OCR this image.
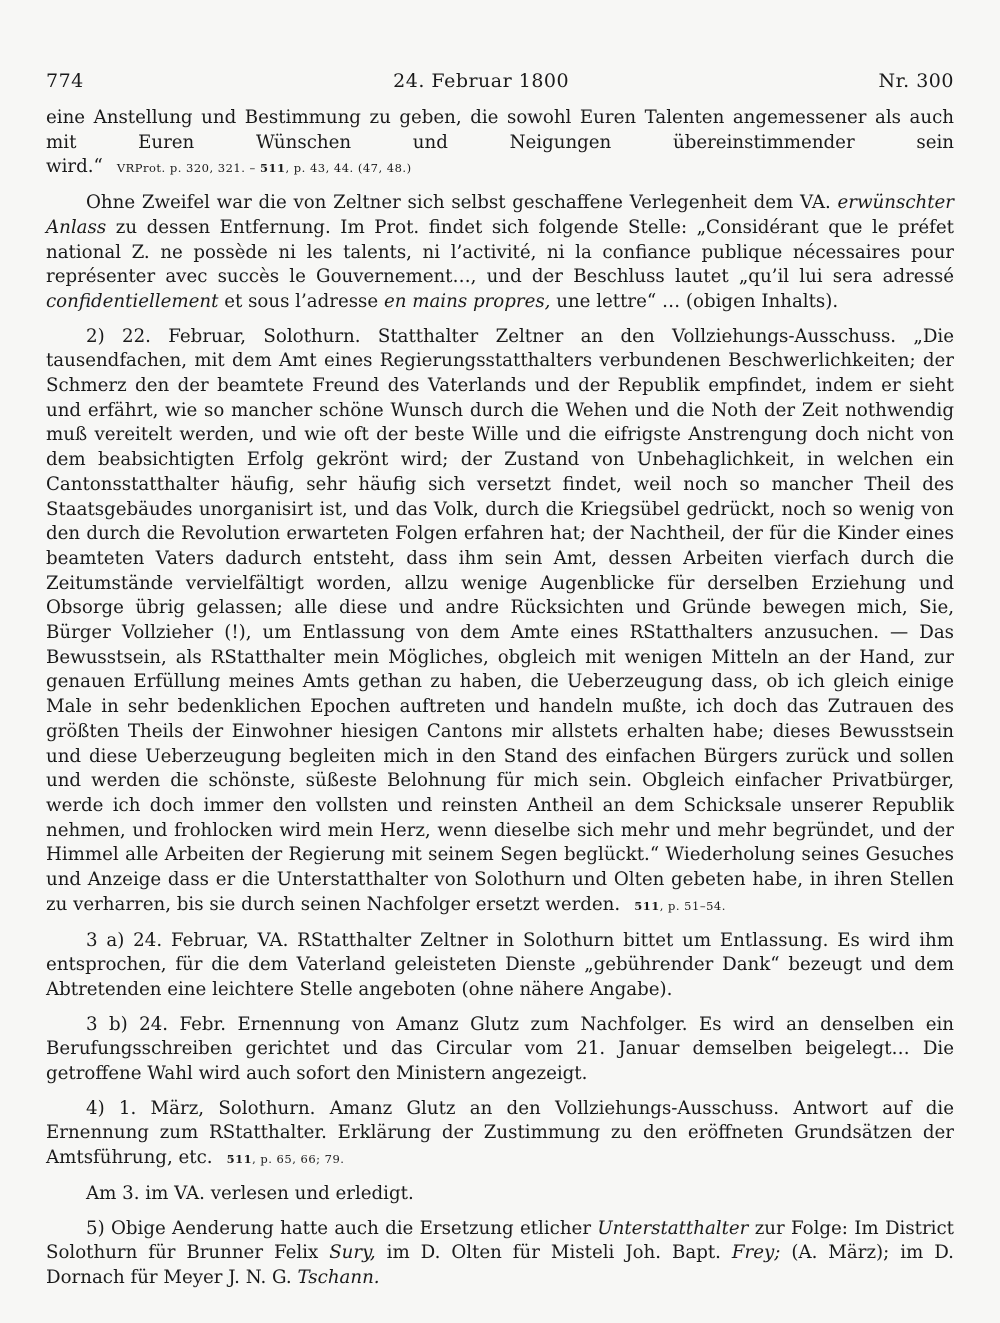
774	24. Februar 1800	Nr. 300

eine Anstellung und Bestimmung zu geben, die sowohl Euren Talenten angemessener als auch mit Euren Wünschen und Neigungen übereinstimmender sein wird.“ VRProt. p. 320, 321. – 511, p. 43, 44. (47, 48.)

Ohne Zweifel war die von Zeltner sich selbst geschaffene Verlegenheit dem VA. erwünschter Anlass zu dessen Entfernung. Im Prot. findet sich folgende Stelle: „Considérant que le préfet national Z. ne possède ni les talents, ni l’activité, ni la confiance publique nécessaires pour représenter avec succès le Gouvernement…, und der Beschluss lautet „qu’il lui sera adressé confidentiellement et sous l’adresse en mains propres, une lettre“ … (obigen Inhalts).

2) 22. Februar, Solothurn. Statthalter Zeltner an den Vollziehungs-Ausschuss. „Die tausendfachen, mit dem Amt eines Regierungsstatthalters verbundenen Beschwerlichkeiten; der Schmerz den der beamtete Freund des Vaterlands und der Republik empfindet, indem er sieht und erfährt, wie so mancher schöne Wunsch durch die Wehen und die Noth der Zeit nothwendig muß vereitelt werden, und wie oft der beste Wille und die eifrigste Anstrengung doch nicht von dem beabsichtigten Erfolg gekrönt wird; der Zustand von Unbehaglichkeit, in welchen ein Cantonsstatthalter häufig, sehr häufig sich versetzt findet, weil noch so mancher Theil des Staatsgebäudes unorganisirt ist, und das Volk, durch die Kriegsübel gedrückt, noch so wenig von den durch die Revolution erwarteten Folgen erfahren hat; der Nachtheil, der für die Kinder eines beamteten Vaters dadurch entsteht, dass ihm sein Amt, dessen Arbeiten vierfach durch die Zeitumstände vervielfältigt worden, allzu wenige Augenblicke für derselben Erziehung und Obsorge übrig gelassen; alle diese und andre Rücksichten und Gründe bewegen mich, Sie, Bürger Vollzieher (!), um Entlassung von dem Amte eines RStatthalters anzusuchen. — Das Bewusstsein, als RStatthalter mein Mögliches, obgleich mit wenigen Mitteln an der Hand, zur genauen Erfüllung meines Amts gethan zu haben, die Ueberzeugung dass, ob ich gleich einige Male in sehr bedenklichen Epochen auftreten und handeln mußte, ich doch das Zutrauen des größten Theils der Einwohner hiesigen Cantons mir allstets erhalten habe; dieses Bewusstsein und diese Ueberzeugung begleiten mich in den Stand des einfachen Bürgers zurück und sollen und werden die schönste, süßeste Belohnung für mich sein. Obgleich einfacher Privatbürger, werde ich doch immer den vollsten und reinsten Antheil an dem Schicksale unserer Republik nehmen, und frohlocken wird mein Herz, wenn dieselbe sich mehr und mehr begründet, und der Himmel alle Arbeiten der Regierung mit seinem Segen beglückt.“ Wiederholung seines Gesuches und Anzeige dass er die Unterstatthalter von Solothurn und Olten gebeten habe, in ihren Stellen zu verharren, bis sie durch seinen Nachfolger ersetzt werden. 511, p. 51–54.

3 a) 24. Februar, VA. RStatthalter Zeltner in Solothurn bittet um Entlassung. Es wird ihm entsprochen, für die dem Vaterland geleisteten Dienste „gebührender Dank“ bezeugt und dem Abtretenden eine leichtere Stelle angeboten (ohne nähere Angabe).

3 b) 24. Febr. Ernennung von Amanz Glutz zum Nachfolger. Es wird an denselben ein Berufungsschreiben gerichtet und das Circular vom 21. Januar demselben beigelegt… Die getroffene Wahl wird auch sofort den Ministern angezeigt.

4) 1. März, Solothurn. Amanz Glutz an den Vollziehungs-Ausschuss. Antwort auf die Ernennung zum RStatthalter. Erklärung der Zustimmung zu den eröffneten Grundsätzen der Amtsführung, etc. 511, p. 65, 66; 79.

Am 3. im VA. verlesen und erledigt.

5) Obige Aenderung hatte auch die Ersetzung etlicher Unterstatthalter zur Folge: Im District Solothurn für Brunner Felix Sury, im D. Olten für Misteli Joh. Bapt. Frey; (A. März); im D. Dornach für Meyer J. N. G. Tschann.
